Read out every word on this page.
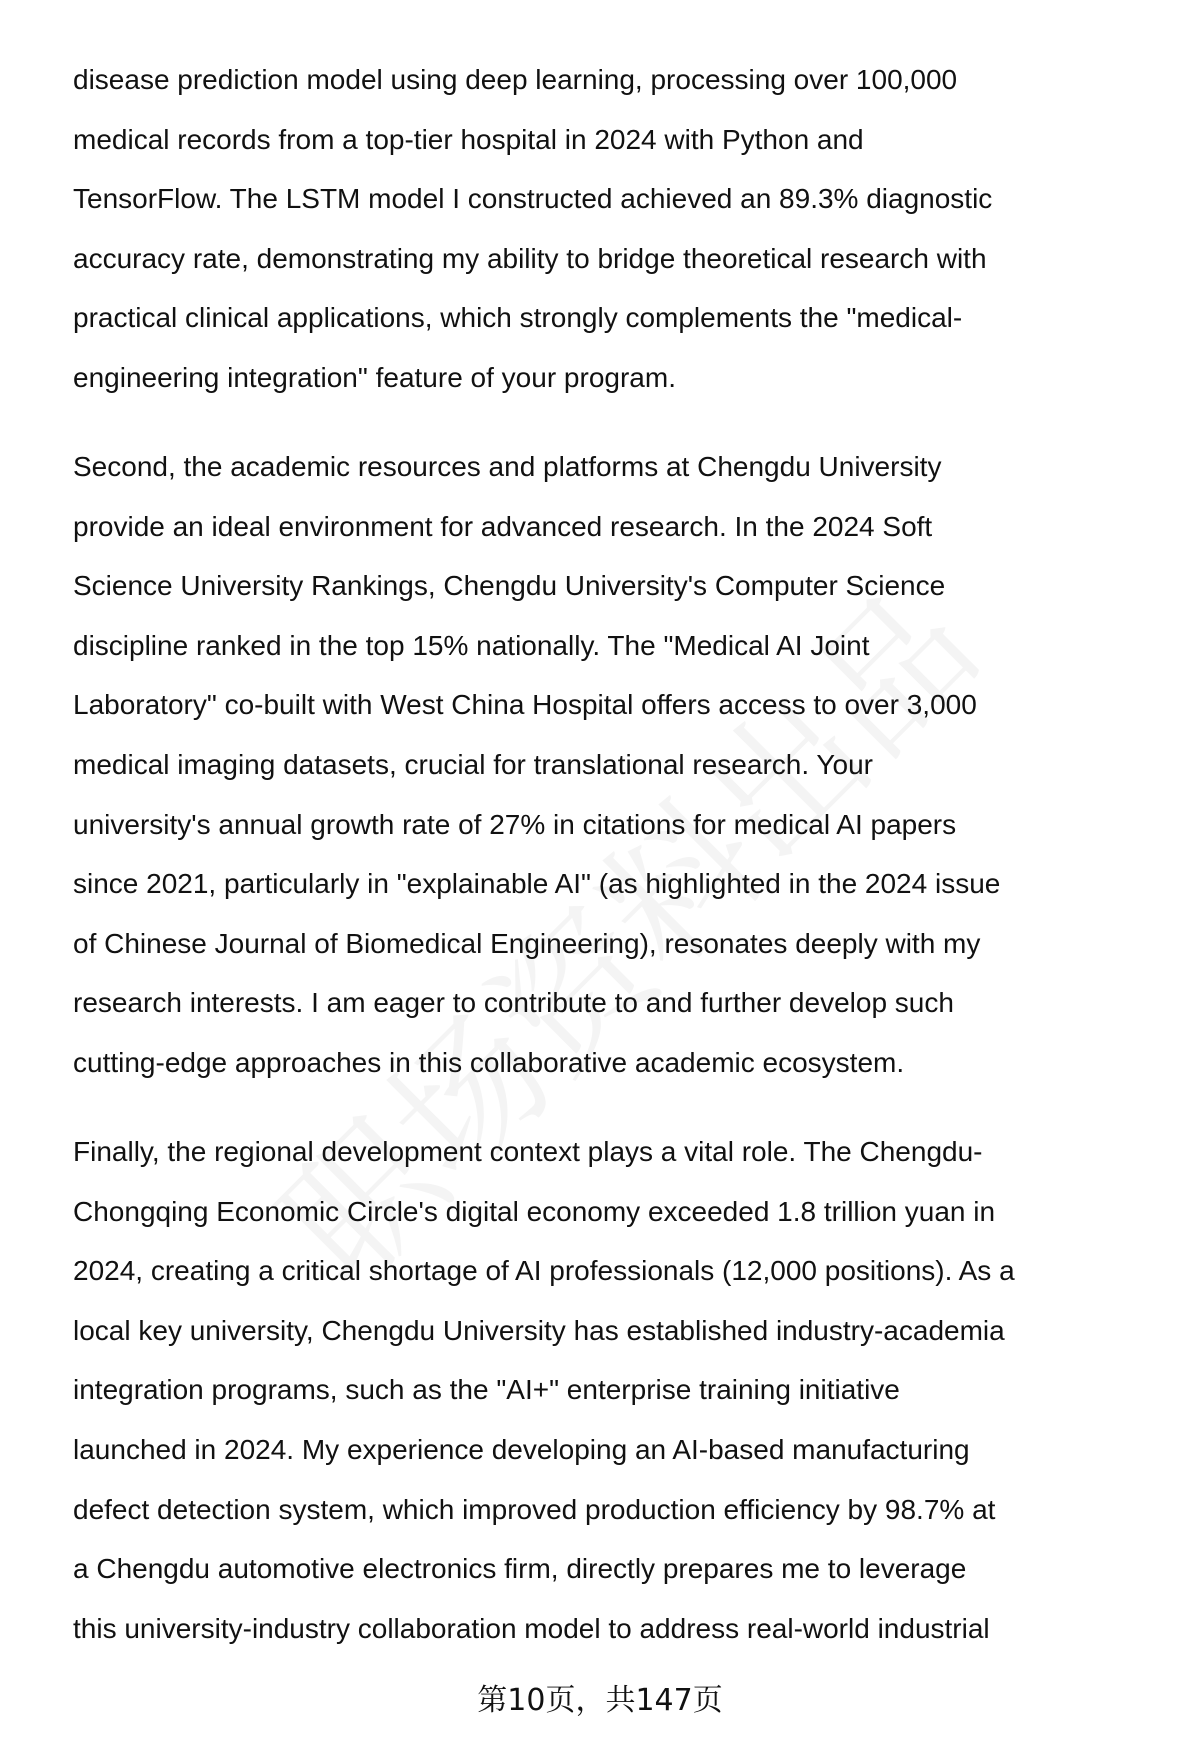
disease prediction model using deep learning, processing over 100,000
medical records from a top-tier hospital in 2024 with Python and
TensorFlow. The LSTM model I constructed achieved an 89.3% diagnostic
accuracy rate, demonstrating my ability to bridge theoretical research with
practical clinical applications, which strongly complements the "medical-
engineering integration" feature of your program.
Second, the academic resources and platforms at Chengdu University
provide an ideal environment for advanced research. In the 2024 Soft
Science University Rankings, Chengdu University's Computer Science
discipline ranked in the top 15% nationally. The "Medical AI Joint
Laboratory" co-built with West China Hospital offers access to over 3,000
medical imaging datasets, crucial for translational research. Your
university's annual growth rate of 27% in citations for medical AI papers
since 2021, particularly in "explainable AI" (as highlighted in the 2024 issue
of Chinese Journal of Biomedical Engineering), resonates deeply with my
research interests. I am eager to contribute to and further develop such
cutting-edge approaches in this collaborative academic ecosystem.
Finally, the regional development context plays a vital role. The Chengdu-
Chongqing Economic Circle's digital economy exceeded 1.8 trillion yuan in
2024, creating a critical shortage of AI professionals (12,000 positions). As a
local key university, Chengdu University has established industry-academia
integration programs, such as the "AI+" enterprise training initiative
launched in 2024. My experience developing an AI-based manufacturing
defect detection system, which improved production efficiency by 98.7% at
a Chengdu automotive electronics firm, directly prepares me to leverage
this university-industry collaboration model to address real-world industrial
第10页，共147页
